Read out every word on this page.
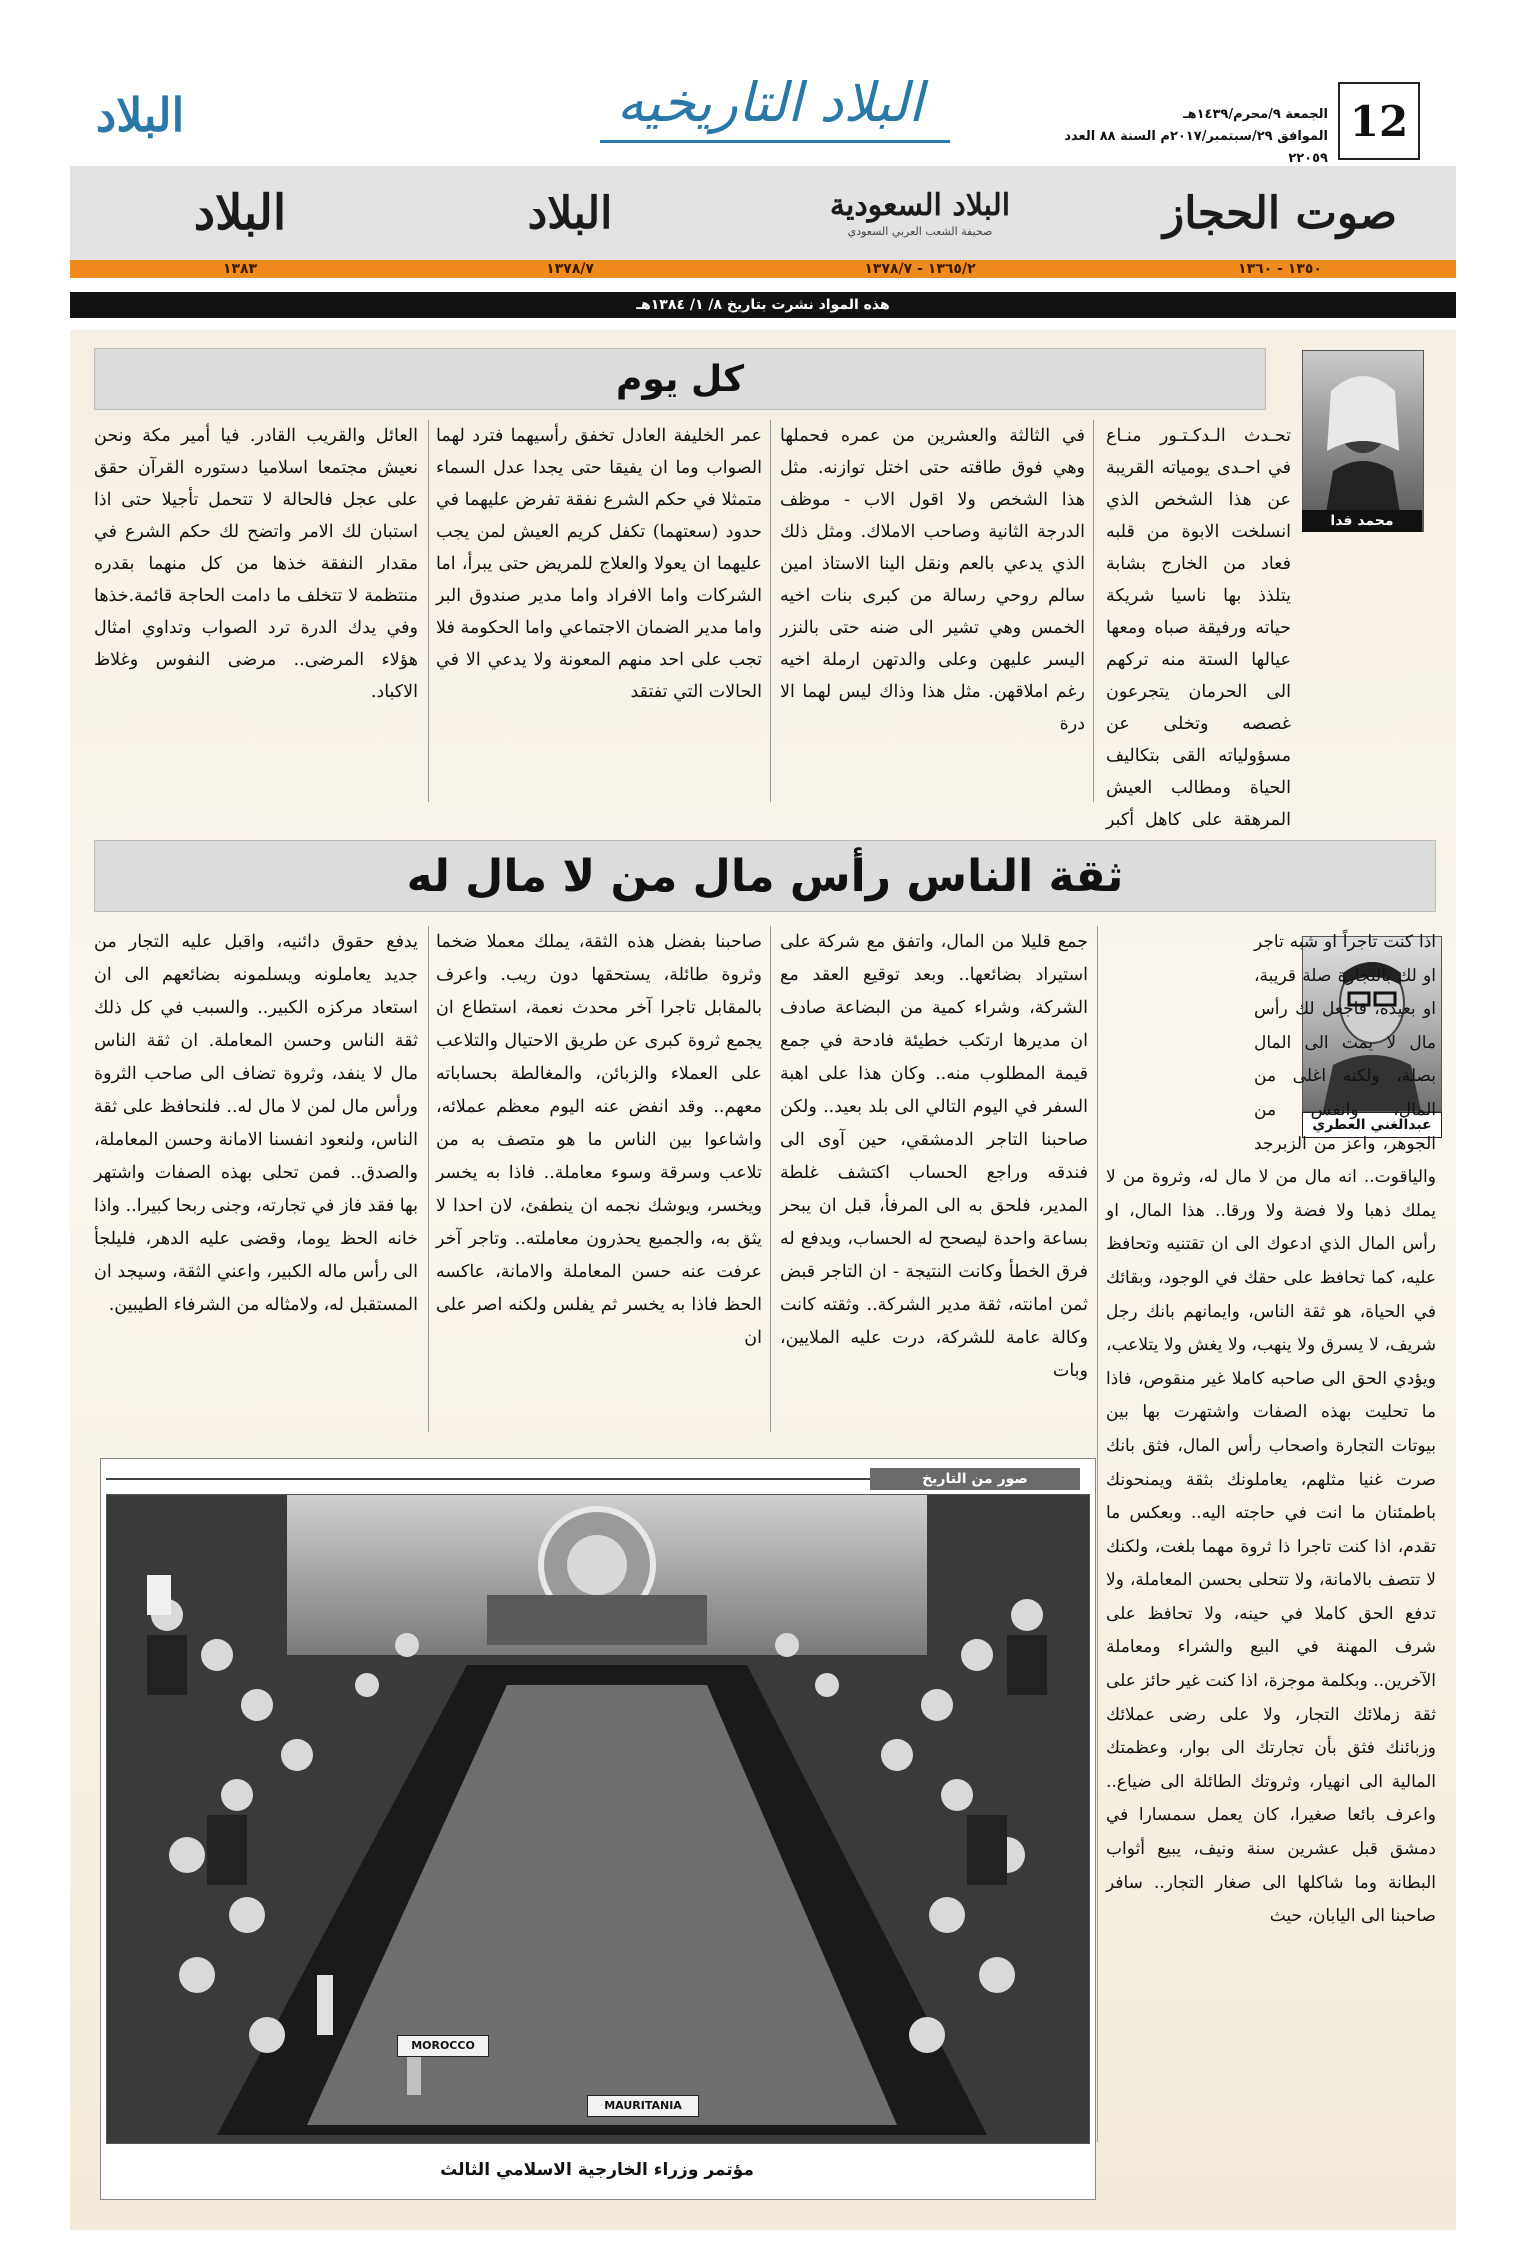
12
الجمعة ٩/محرم/١٤٣٩هـ
الموافق ٢٩/سبتمبر/٢٠١٧م السنة ٨٨ العدد ٢٢٠٥٩
البلاد التاريخيه
البلاد
صوت الحجاز
البلاد السعودية
صحيفة الشعب العربي السعودي
البلاد
البلاد
١٣٥٠ - ١٣٦٠
١٣٦٥/٢ - ١٣٧٨/٧
١٣٧٨/٧
١٣٨٣
هذه المواد نشرت بتاريخ ٨/ ١/ ١٣٨٤هـ
كل يوم
محمد فدا
تحـدث الـدكـتـور منـاع في احـدى يومياته القريبة عن هذا الشخص الذي انسلخت الابوة من قلبه فعاد من الخارج بشابة يتلذذ بها ناسيا شريكة حياته ورفيقة صباه ومعها عيالها الستة منه تركهم الى الحرمان يتجرعون غصصه وتخلى عن مسؤولياته القى بتكاليف الحياة ومطالب العيش المرهقة على كاهل أكبر
في الثالثة والعشرين من عمره فحملها وهي فوق طاقته حتى اختل توازنه. مثل هذا الشخص ولا اقول الاب - موظف الدرجة الثانية وصاحب الاملاك. ومثل ذلك الذي يدعي بالعم ونقل الينا الاستاذ امين سالم روحي رسالة من كبرى بنات اخيه الخمس وهي تشير الى ضنه حتى بالنزر اليسر عليهن وعلى والدتهن ارملة اخيه رغم املاقهن. مثل هذا وذاك ليس لهما الا درة
عمر الخليفة العادل تخفق رأسيهما فترد لهما الصواب وما ان يفيقا حتى يجدا عدل السماء متمثلا في حكم الشرع نفقة تفرض عليهما في حدود (سعتهما) تكفل كريم العيش لمن يجب عليهما ان يعولا والعلاج للمريض حتى يبرأ، اما الشركات واما الافراد واما مدير صندوق البر واما مدير الضمان الاجتماعي واما الحكومة فلا تجب على احد منهم المعونة ولا يدعي الا في الحالات التي تفتقد
العائل والقريب القادر. فيا أمير مكة ونحن نعيش مجتمعا اسلاميا دستوره القرآن حقق على عجل فالحالة لا تتحمل تأجيلا حتى اذا استبان لك الامر واتضح لك حكم الشرع في مقدار النفقة خذها من كل منهما بقدره منتظمة لا تتخلف ما دامت الحاجة قائمة.خذها وفي يدك الدرة ترد الصواب وتداوي امثال هؤلاء المرضى.. مرضى النفوس وغلاظ الاكباد.
ثقة الناس رأس مال من لا مال له
عبدالغني العطري
اذا كنت تاجراً او شبه تاجر او لك بالتجارة صلة قريبة، او بعيدة، فاجعل لك رأس مال لا يمت الى المال بصلة، ولكنه اغلى من المال، وانفس من الجوهر، واعز من الزبرجد والياقوت.. انه مال من لا مال له، وثروة من لا يملك ذهبا ولا فضة ولا ورقا.. هذا المال، او رأس المال الذي ادعوك الى ان تقتنيه وتحافظ عليه، كما تحافظ على حقك في الوجود، وبقائك في الحياة، هو ثقة الناس، وايمانهم بانك رجل شريف، لا يسرق ولا ينهب، ولا يغش ولا يتلاعب، ويؤدي الحق الى صاحبه كاملا غير منقوص، فاذا ما تحليت بهذه الصفات واشتهرت بها بين بيوتات التجارة واصحاب رأس المال، فثق بانك صرت غنيا مثلهم، يعاملونك بثقة ويمنحونك باطمئنان ما انت في حاجته اليه.. وبعكس ما تقدم، اذا كنت تاجرا ذا ثروة مهما بلغت، ولكنك لا تتصف بالامانة، ولا تتحلى بحسن المعاملة، ولا تدفع الحق كاملا في حينه، ولا تحافظ على شرف المهنة في البيع والشراء ومعاملة الآخرين.. وبكلمة موجزة، اذا كنت غير حائز على ثقة زملائك التجار، ولا على رضى عملائك وزبائنك فثق بأن تجارتك الى بوار، وعظمتك المالية الى انهيار، وثروتك الطائلة الى ضياع.. واعرف بائعا صغيرا، كان يعمل سمسارا في دمشق قبل عشرين سنة ونيف، يبيع أثواب البطانة وما شاكلها الى صغار التجار.. سافر صاحبنا الى اليابان، حيث
جمع قليلا من المال، واتفق مع شركة على استيراد بضائعها.. وبعد توقيع العقد مع الشركة، وشراء كمية من البضاعة صادف ان مديرها ارتكب خطيئة فادحة في جمع قيمة المطلوب منه.. وكان هذا على اهبة السفر في اليوم التالي الى بلد بعيد.. ولكن صاحبنا التاجر الدمشقي، حين آوى الى فندقه وراجع الحساب اكتشف غلطة المدير، فلحق به الى المرفأ، قبل ان يبحر بساعة واحدة ليصحح له الحساب، ويدفع له فرق الخطأ وكانت النتيجة - ان التاجر قبض ثمن امانته، ثقة مدير الشركة.. وثقته كانت وكالة عامة للشركة، درت عليه الملايين، وبات
صاحبنا بفضل هذه الثقة، يملك معملا ضخما وثروة طائلة، يستحقها دون ريب. واعرف بالمقابل تاجرا آخر محدث نعمة، استطاع ان يجمع ثروة كبرى عن طريق الاحتيال والتلاعب على العملاء والزبائن، والمغالطة بحساباته معهم.. وقد انفض عنه اليوم معظم عملائه، واشاعوا بين الناس ما هو متصف به من تلاعب وسرقة وسوء معاملة.. فاذا به يخسر ويخسر، ويوشك نجمه ان ينطفئ، لان احدا لا يثق به، والجميع يحذرون معاملته.. وتاجر آخر عرفت عنه حسن المعاملة والامانة، عاكسه الحظ فاذا به يخسر ثم يفلس ولكنه اصر على ان
يدفع حقوق دائنيه، واقبل عليه التجار من جديد يعاملونه ويسلمونه بضائعهم الى ان استعاد مركزه الكبير.. والسبب في كل ذلك ثقة الناس وحسن المعاملة. ان ثقة الناس مال لا ينفد، وثروة تضاف الى صاحب الثروة ورأس مال لمن لا مال له.. فلنحافظ على ثقة الناس، ولنعود انفسنا الامانة وحسن المعاملة، والصدق.. فمن تحلى بهذه الصفات واشتهر بها فقد فاز في تجارته، وجنى ربحا كبيرا.. واذا خانه الحظ يوما، وقضى عليه الدهر، فليلجأ الى رأس ماله الكبير، واعني الثقة، وسيجد ان المستقبل له، ولامثاله من الشرفاء الطيبين.
صور من التاريخ
MOROCCO
MAURITANIA
مؤتمر وزراء الخارجية الاسلامي الثالث
